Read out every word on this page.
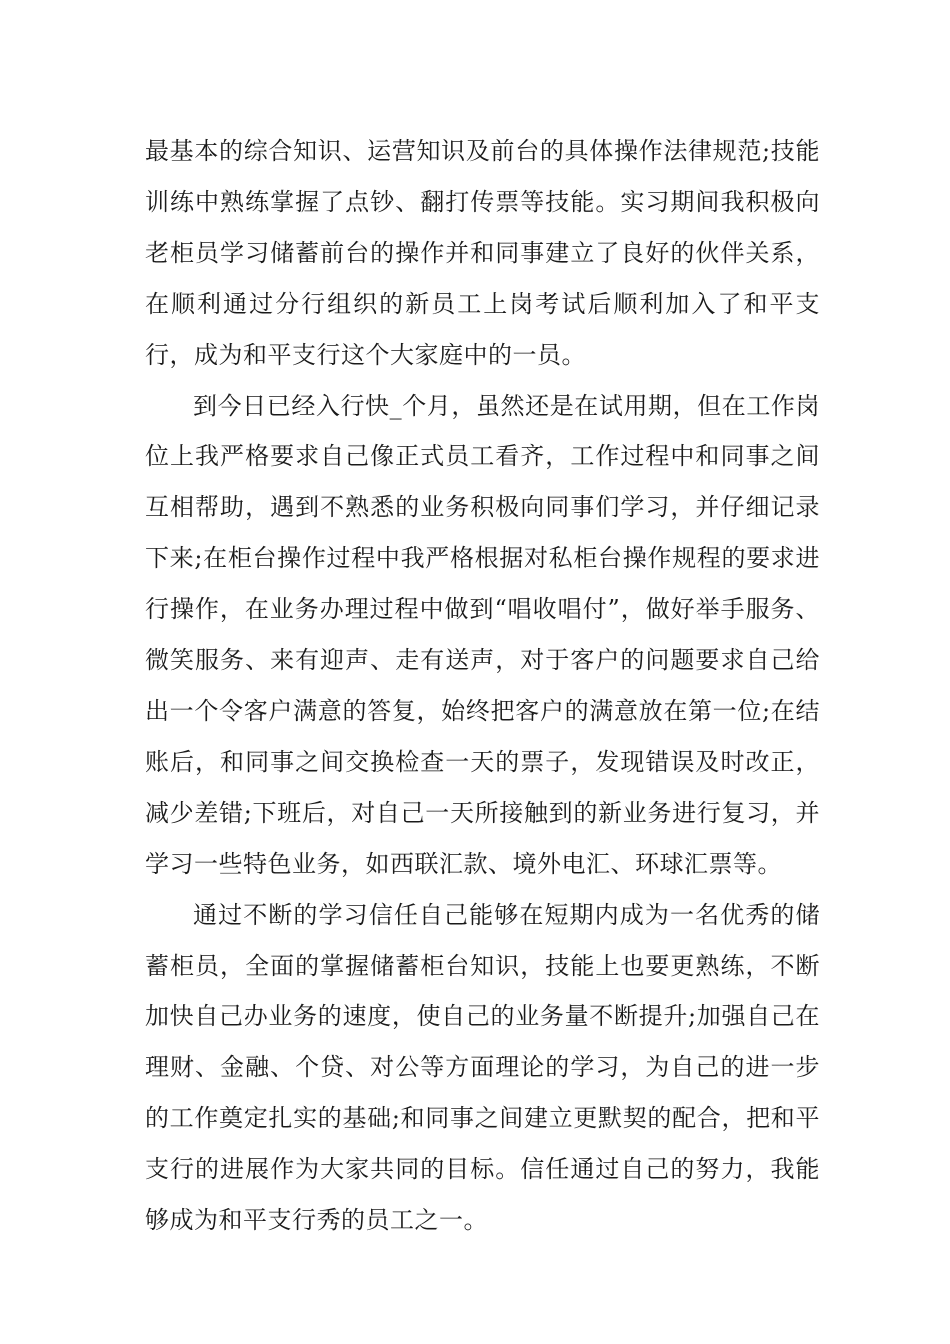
最基本的综合知识、运营知识及前台的具体操作法律规范;技能训练中熟练掌握了点钞、翻打传票等技能。实习期间我积极向老柜员学习储蓄前台的操作并和同事建立了良好的伙伴关系，在顺利通过分行组织的新员工上岗考试后顺利加入了和平支行，成为和平支行这个大家庭中的一员。

到今日已经入行快_个月，虽然还是在试用期，但在工作岗位上我严格要求自己像正式员工看齐，工作过程中和同事之间互相帮助，遇到不熟悉的业务积极向同事们学习，并仔细记录下来;在柜台操作过程中我严格根据对私柜台操作规程的要求进行操作，在业务办理过程中做到“唱收唱付”，做好举手服务、微笑服务、来有迎声、走有送声，对于客户的问题要求自己给出一个令客户满意的答复，始终把客户的满意放在第一位;在结账后，和同事之间交换检查一天的票子，发现错误及时改正，减少差错;下班后，对自己一天所接触到的新业务进行复习，并学习一些特色业务，如西联汇款、境外电汇、环球汇票等。

通过不断的学习信任自己能够在短期内成为一名优秀的储蓄柜员，全面的掌握储蓄柜台知识，技能上也要更熟练，不断加快自己办业务的速度，使自己的业务量不断提升;加强自己在理财、金融、个贷、对公等方面理论的学习，为自己的进一步的工作奠定扎实的基础;和同事之间建立更默契的配合，把和平支行的进展作为大家共同的目标。信任通过自己的努力，我能够成为和平支行秀的员工之一。
